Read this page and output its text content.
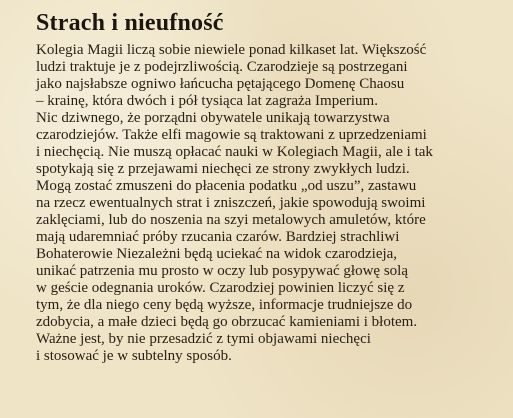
Strach i nieufność

Kolegia Magii liczą sobie niewiele ponad kilkaset lat. Większość
ludzi traktuje je z podejrzliwością. Czarodzieje są postrzegani
jako najsłabsze ogniwo łańcucha pętającego Domenę Chaosu
– krainę, która dwóch i pół tysiąca lat zagraża Imperium.
Nic dziwnego, że porządni obywatele unikają towarzystwa
czarodziejów. Także elfi magowie są traktowani z uprzedzeniami
i niechęcią. Nie muszą opłacać nauki w Kolegiach Magii, ale i tak
spotykają się z przejawami niechęci ze strony zwykłych ludzi.
Mogą zostać zmuszeni do płacenia podatku „od uszu”, zastawu
na rzecz ewentualnych strat i zniszczeń, jakie spowodują swoimi
zaklęciami, lub do noszenia na szyi metalowych amuletów, które
mają udaremniać próby rzucania czarów. Bardziej strachliwi
Bohaterowie Niezależni będą uciekać na widok czarodzieja,
unikać patrzenia mu prosto w oczy lub posypywać głowę solą
w geście odegnania uroków. Czarodziej powinien liczyć się z
tym, że dla niego ceny będą wyższe, informacje trudniejsze do
zdobycia, a małe dzieci będą go obrzucać kamieniami i błotem.
Ważne jest, by nie przesadzić z tymi objawami niechęci
i stosować je w subtelny sposób.
